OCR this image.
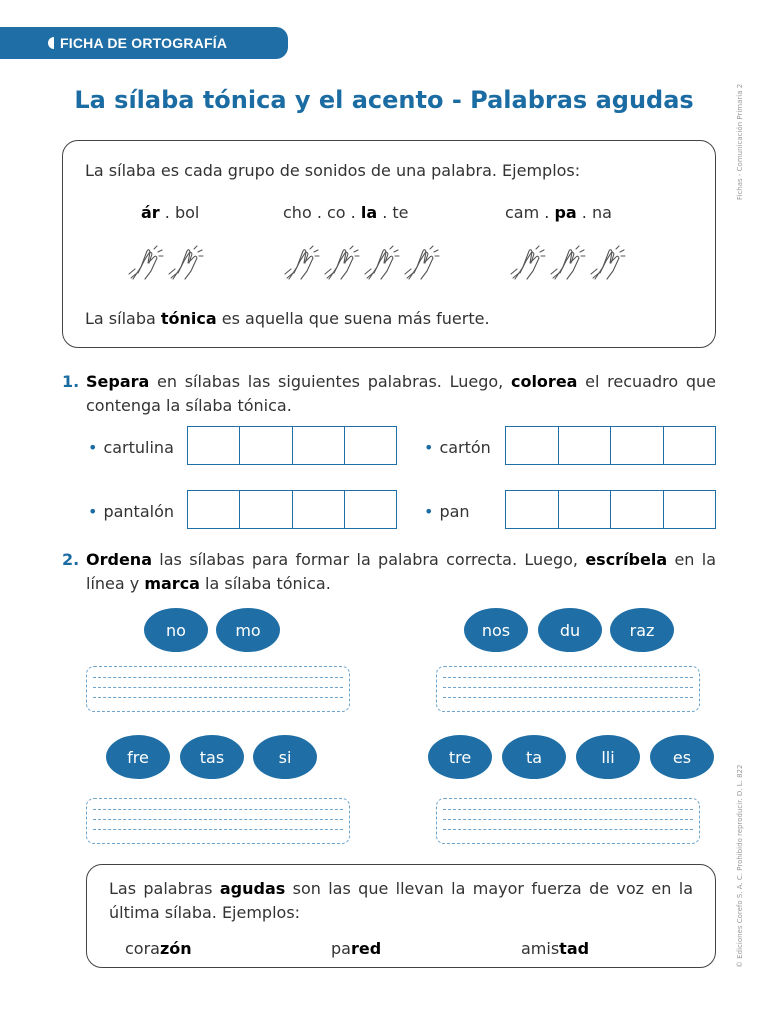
FICHA DE ORTOGRAFÍA
Fichas - Comunicación Primaria 2
© Ediciones Corefo S. A. C. Prohibido reproducir. D. L. 822
La sílaba tónica y el acento - Palabras agudas
La sílaba es cada grupo de sonidos de una palabra. Ejemplos:
ár . bol	cho . co . la . te	cam . pa . na
La sílaba tónica es aquella que suena más fuerte.
1. Separa en sílabas las siguientes palabras. Luego, colorea el recuadro que contenga la sílaba tónica.
• cartulina	• cartón
• pantalón	• pan
2. Ordena las sílabas para formar la palabra correcta. Luego, escríbela en la línea y marca la sílaba tónica.
no	mo	nos	du	raz
fre	tas	si	tre	ta	lli	es
Las palabras agudas son las que llevan la mayor fuerza de voz en la última sílaba. Ejemplos:
corazón	pared	amistad
